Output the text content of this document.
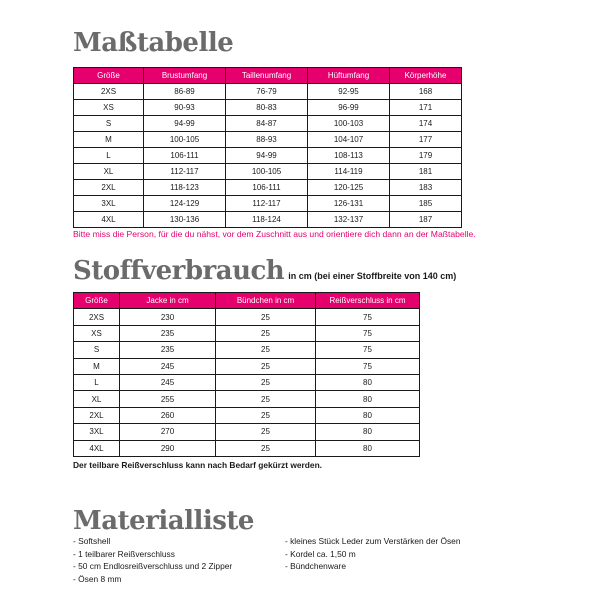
Maßtabelle
Größe	Brustumfang	Taillenumfang	Hüftumfang	Körperhöhe
2XS	86-89	76-79	92-95	168
XS	90-93	80-83	96-99	171
S	94-99	84-87	100-103	174
M	100-105	88-93	104-107	177
L	106-111	94-99	108-113	179
XL	112-117	100-105	114-119	181
2XL	118-123	106-111	120-125	183
3XL	124-129	112-117	126-131	185
4XL	130-136	118-124	132-137	187
Bitte miss die Person, für die du nähst, vor dem Zuschnitt aus und orientiere dich dann an der Maßtabelle.
Stoffverbrauch in cm (bei einer Stoffbreite von 140 cm)
Größe	Jacke in cm	Bündchen in cm	Reißverschluss in cm
2XS	230	25	75
XS	235	25	75
S	235	25	75
M	245	25	75
L	245	25	80
XL	255	25	80
2XL	260	25	80
3XL	270	25	80
4XL	290	25	80
Der teilbare Reißverschluss kann nach Bedarf gekürzt werden.
Materialliste
- Softshell
- 1 teilbarer Reißverschluss
- 50 cm Endlosreißverschluss und 2 Zipper
- Ösen 8 mm
- kleines Stück Leder zum Verstärken der Ösen
- Kordel ca. 1,50 m
- Bündchenware
